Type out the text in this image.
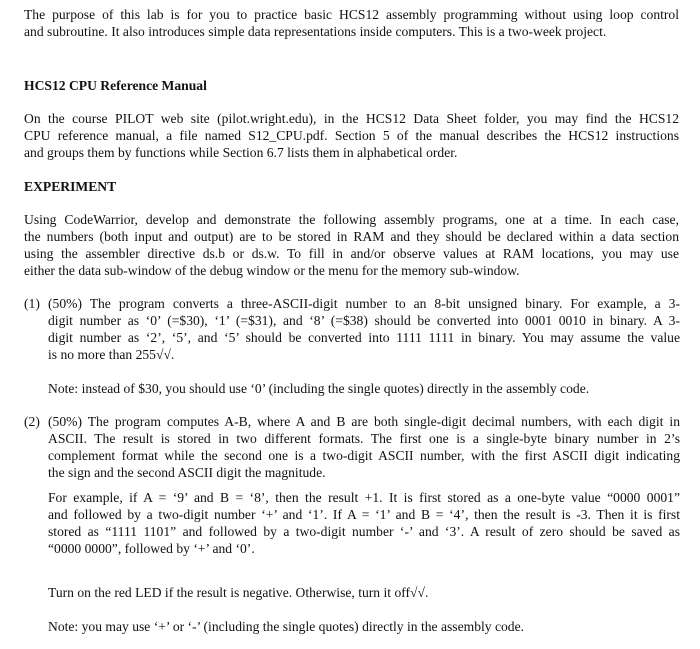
The purpose of this lab is for you to practice basic HCS12 assembly programming without using loop control
and subroutine. It also introduces simple data representations inside computers. This is a two-week project.

HCS12 CPU Reference Manual

On the course PILOT web site (pilot.wright.edu), in the HCS12 Data Sheet folder, you may find the HCS12
CPU reference manual, a file named S12_CPU.pdf. Section 5 of the manual describes the HCS12 instructions
and groups them by functions while Section 6.7 lists them in alphabetical order.

EXPERIMENT

Using CodeWarrior, develop and demonstrate the following assembly programs, one at a time. In each case,
the numbers (both input and output) are to be stored in RAM and they should be declared within a data section
using the assembler directive ds.b or ds.w. To fill in and/or observe values at RAM locations, you may use
either the data sub-window of the debug window or the menu for the memory sub-window.

(1) (50%) The program converts a three-ASCII-digit number to an 8-bit unsigned binary. For example, a 3-
digit number as ‘0’ (=$30), ‘1’ (=$31), and ‘8’ (=$38) should be converted into 0001 0010 in binary. A 3-
digit number as ‘2’, ‘5’, and ‘5’ should be converted into 1111 1111 in binary. You may assume the value
is no more than 255√√.

Note: instead of $30, you should use ‘0’ (including the single quotes) directly in the assembly code.

(2) (50%) The program computes A-B, where A and B are both single-digit decimal numbers, with each digit in
ASCII. The result is stored in two different formats. The first one is a single-byte binary number in 2’s
complement format while the second one is a two-digit ASCII number, with the first ASCII digit indicating
the sign and the second ASCII digit the magnitude.

For example, if A = ‘9’ and B = ‘8’, then the result +1. It is first stored as a one-byte value “0000 0001”
and followed by a two-digit number ‘+’ and ‘1’. If A = ‘1’ and B = ‘4’, then the result is -3. Then it is first
stored as “1111 1101” and followed by a two-digit number ‘-’ and ‘3’. A result of zero should be saved as
“0000 0000”, followed by ‘+’ and ‘0’.

Turn on the red LED if the result is negative. Otherwise, turn it off√√.

Note: you may use ‘+’ or ‘-’ (including the single quotes) directly in the assembly code.
